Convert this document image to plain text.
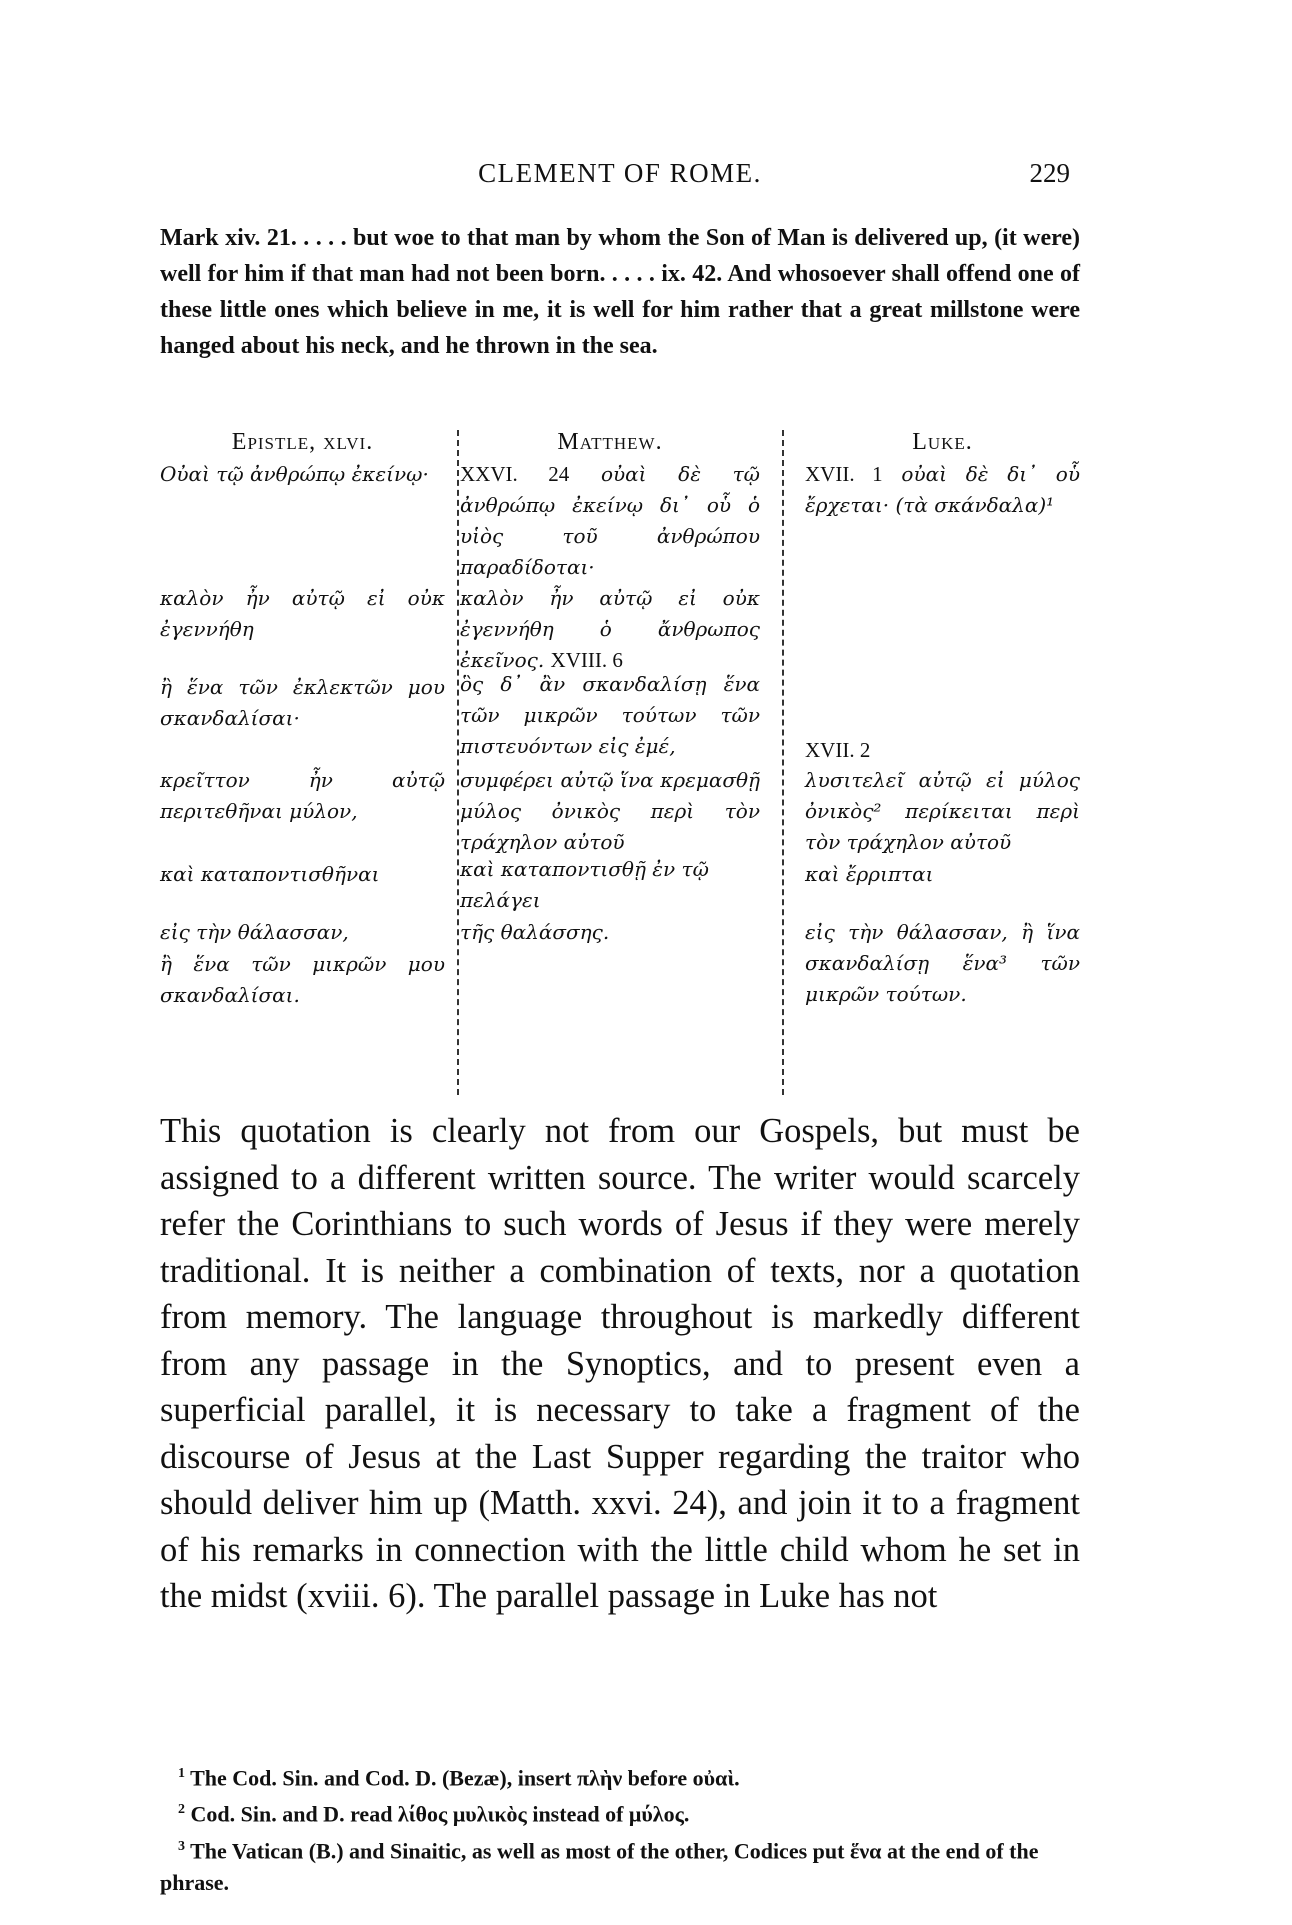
CLEMENT OF ROME.	229

Mark xiv. 21. . . . . but woe to that man by whom the Son of Man is delivered up, (it were) well for him if that man had not been born. . . . . ix. 42. And whosoever shall offend one of these little ones which believe in me, it is well for him rather that a great millstone were hanged about his neck, and he thrown in the sea.

Epistle, xlvi.
Οὐαὶ τῷ ἀνθρώπῳ ἐκείνῳ·
καλὸν ἦν αὐτῷ εἰ οὐκ ἐγεννήθη
ἢ ἕνα τῶν ἐκλεκτῶν μου σκανδαλίσαι·
κρεῖττον ἦν αὐτῷ περιτεθῆναι μύλον,
καὶ καταποντισθῆναι
εἰς τὴν θάλασσαν,
ἢ ἕνα τῶν μικρῶν μου σκανδαλίσαι.
Matthew.
XXVI. 24 οὐαὶ δὲ τῷ ἀνθρώπῳ ἐκείνῳ δι᾽ οὗ ὁ υἱὸς τοῦ ἀνθρώπου παραδίδοται·
καλὸν ἦν αὐτῷ εἰ οὐκ ἐγεννήθη ὁ ἄνθρωπος ἐκεῖνος. XVIII. 6
ὃς δ᾽ ἂν σκανδαλίσῃ ἕνα τῶν μικρῶν τούτων τῶν πιστευόντων εἰς ἐμέ,
συμφέρει αὐτῷ ἵνα κρεμασθῇ μύλος ὀνικὸς περὶ τὸν τράχηλον αὐτοῦ
καὶ καταποντισθῇ ἐν τῷ πελάγει
τῆς θαλάσσης.
Luke.
XVII. 1 οὐαὶ δὲ δι᾽ οὗ ἔρχεται· (τὰ σκάνδαλα)¹
XVII. 2
λυσιτελεῖ αὐτῷ εἰ μύλος ὀνικὸς² περίκειται περὶ τὸν τράχηλον αὐτοῦ
καὶ ἔρριπται
εἰς τὴν θάλασσαν, ἢ ἵνα σκανδαλίσῃ ἕνα³ τῶν μικρῶν τούτων.

This quotation is clearly not from our Gospels, but must be assigned to a different written source. The writer would scarcely refer the Corinthians to such words of Jesus if they were merely traditional. It is neither a combination of texts, nor a quotation from memory. The language throughout is markedly different from any passage in the Synoptics, and to present even a superficial parallel, it is necessary to take a fragment of the discourse of Jesus at the Last Supper regarding the traitor who should deliver him up (Matth. xxvi. 24), and join it to a fragment of his remarks in connection with the little child whom he set in the midst (xviii. 6). The parallel passage in Luke has not

$^1$ The Cod. Sin. and Cod. D. (Bezæ), insert πλὴν before οὐαὶ.

$^2$ Cod. Sin. and D. read λίθος μυλικὸς instead of μύλος.

$^3$ The Vatican (B.) and Sinaitic, as well as most of the other, Codices put ἕνα at the end of the phrase.
